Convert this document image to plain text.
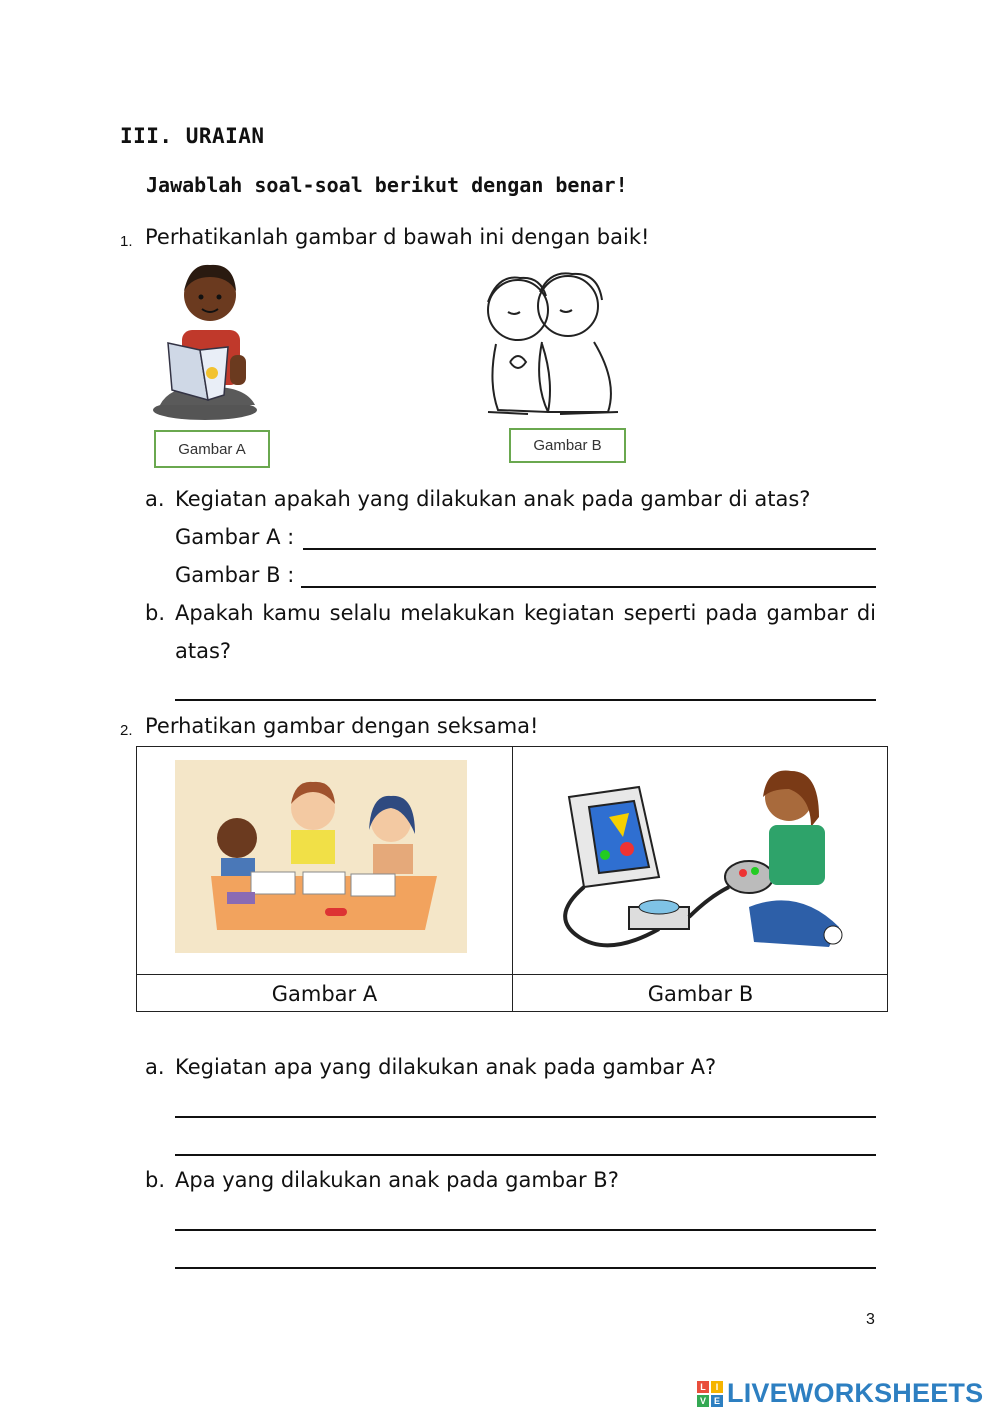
III. URAIAN
Jawablah soal-soal berikut dengan benar!
1. Perhatikanlah gambar d bawah ini dengan baik!
Gambar A	Gambar B
a. Kegiatan apakah yang dilakukan anak pada gambar di atas?
Gambar A :
Gambar B :
b. Apakah kamu selalu melakukan kegiatan seperti pada gambar di
atas?
2. Perhatikan gambar dengan seksama!
Gambar A	Gambar B
a. Kegiatan apa yang dilakukan anak pada gambar A?
b. Apa yang dilakukan anak pada gambar B?
3
L	I
V E LIVEWORKSHEETS
